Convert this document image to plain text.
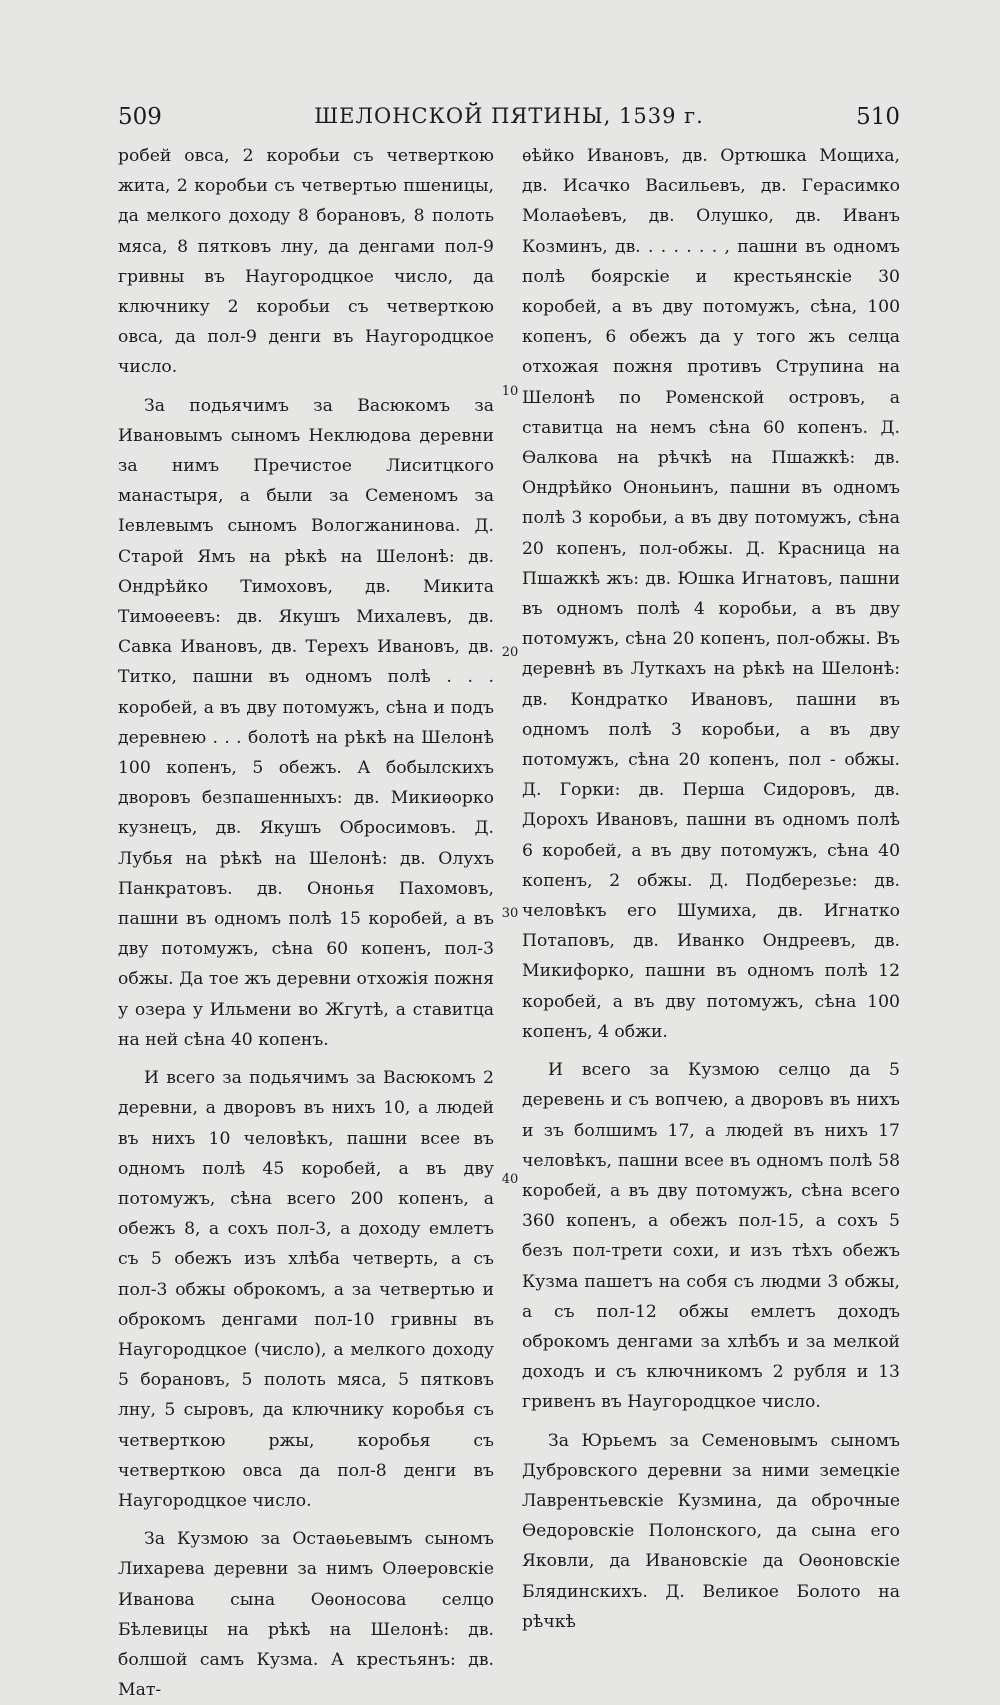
509	ШЕЛОНСКОЙ ПЯТИНЫ, 1539 г.	510

робей овса, 2 коробьи съ четверткою жита, 2 коробьи съ четвертью пшеницы, да мелкого доходу 8 борановъ, 8 полоть мяса, 8 пятковъ лну, да денгами пол-9 гривны въ Наугородцкое число, да ключнику 2 коробьи съ четверткою овса, да пол-9 денги въ Наугородцкое число.

За подьячимъ за Васюкомъ за Ивановымъ сыномъ Неклюдова деревни за нимъ Пречистое Лиситцкого манастыря, а были за Семеномъ за Іевлевымъ сыномъ Вологжанинова. Д. Старой Ямъ на рѣкѣ на Шелонѣ: дв. Ондрѣйко Тимоховъ, дв. Микита Тимоѳеевъ: дв. Якушъ Михалевъ, дв. Савка Ивановъ, дв. Терехъ Ивановъ, дв. Титко, пашни въ одномъ полѣ . . . коробей, а въ дву потомужъ, сѣна и подъ деревнею . . . болотѣ на рѣкѣ на Шелонѣ 100 копенъ, 5 обежъ. А бобылскихъ дворовъ безпашенныхъ: дв. Микиѳорко кузнецъ, дв. Якушъ Обросимовъ. Д. Лубья на рѣкѣ на Шелонѣ: дв. Олухъ Панкратовъ. дв. Ононья Пахомовъ, пашни въ одномъ полѣ 15 коробей, а въ дву потомужъ, сѣна 60 копенъ, пол-3 обжы. Да тое жъ деревни отхожія пожня у озера у Ильмени во Жгутѣ, а ставитца на ней сѣна 40 копенъ.

И всего за подьячимъ за Васюкомъ 2 деревни, а дворовъ въ нихъ 10, а людей въ нихъ 10 человѣкъ, пашни всее въ одномъ полѣ 45 коробей, а въ дву потомужъ, сѣна всего 200 копенъ, а обежъ 8, а сохъ пол-3, а доходу емлетъ съ 5 обежъ изъ хлѣба четверть, а съ пол-3 обжы оброкомъ, а за четвертью и оброкомъ денгами пол-10 гривны въ Наугородцкое (число), а мелкого доходу 5 борановъ, 5 полоть мяса, 5 пятковъ лну, 5 сыровъ, да ключнику коробья съ четверткою ржы, коробья съ четверткою овса да пол-8 денги въ Наугородцкое число.

За Кузмою за Остаѳьевымъ сыномъ Лихарева деревни за нимъ Олѳеровскіе Иванова сына Оѳоносова селцо Бѣлевицы на рѣкѣ на Шелонѣ: дв. болшой самъ Кузма. А крестьянъ: дв. Мат-

10
20
30
40

ѳѣйко Ивановъ, дв. Ортюшка Мощиха, дв. Исачко Васильевъ, дв. Герасимко Молаѳѣевъ, дв. Олушко, дв. Иванъ Козминъ, дв. . . . . . . , пашни въ одномъ полѣ боярскіе и крестьянскіе 30 коробей, а въ дву потомужъ, сѣна, 100 копенъ, 6 обежъ да у того жъ селца отхожая пожня противъ Струпина на Шелонѣ по Роменской островъ, а ставитца на немъ сѣна 60 копенъ. Д. Ѳалкова на рѣчкѣ на Пшажкѣ: дв. Ондрѣйко Ононьинъ, пашни въ одномъ полѣ 3 коробьи, а въ дву потомужъ, сѣна 20 копенъ, пол-обжы. Д. Красница на Пшажкѣ жъ: дв. Юшка Игнатовъ, пашни въ одномъ полѣ 4 коробьи, а въ дву потомужъ, сѣна 20 копенъ, пол-обжы. Въ деревнѣ въ Луткахъ на рѣкѣ на Шелонѣ: дв. Кондратко Ивановъ, пашни въ одномъ полѣ 3 коробьи, а въ дву потомужъ, сѣна 20 копенъ, пол - обжы. Д. Горки: дв. Перша Сидоровъ, дв. Дорохъ Ивановъ, пашни въ одномъ полѣ 6 коробей, а въ дву потомужъ, сѣна 40 копенъ, 2 обжы. Д. Подберезье: дв. человѣкъ его Шумиха, дв. Игнатко Потаповъ, дв. Иванко Ондреевъ, дв. Микифорко, пашни въ одномъ полѣ 12 коробей, а въ дву потомужъ, сѣна 100 копенъ, 4 обжи.

И всего за Кузмою селцо да 5 деревень и съ вопчею, а дворовъ въ нихъ и зъ болшимъ 17, а людей въ нихъ 17 человѣкъ, пашни всее въ одномъ полѣ 58 коробей, а въ дву потомужъ, сѣна всего 360 копенъ, а обежъ пол-15, а сохъ 5 безъ пол-трети сохи, и изъ тѣхъ обежъ Кузма пашетъ на собя съ людми 3 обжы, а съ пол-12 обжы емлетъ доходъ оброкомъ денгами за хлѣбъ и за мелкой доходъ и съ ключникомъ 2 рубля и 13 гривенъ въ Наугородцкое число.

За Юрьемъ за Семеновымъ сыномъ Дубровского деревни за ними земецкіе Лаврентьевскіе Кузмина, да оброчные Ѳедоровскіе Полонского, да сына его Яковли, да Ивановскіе да Оѳоновскіе Блядинскихъ. Д. Великое Болото на рѣчкѣ
